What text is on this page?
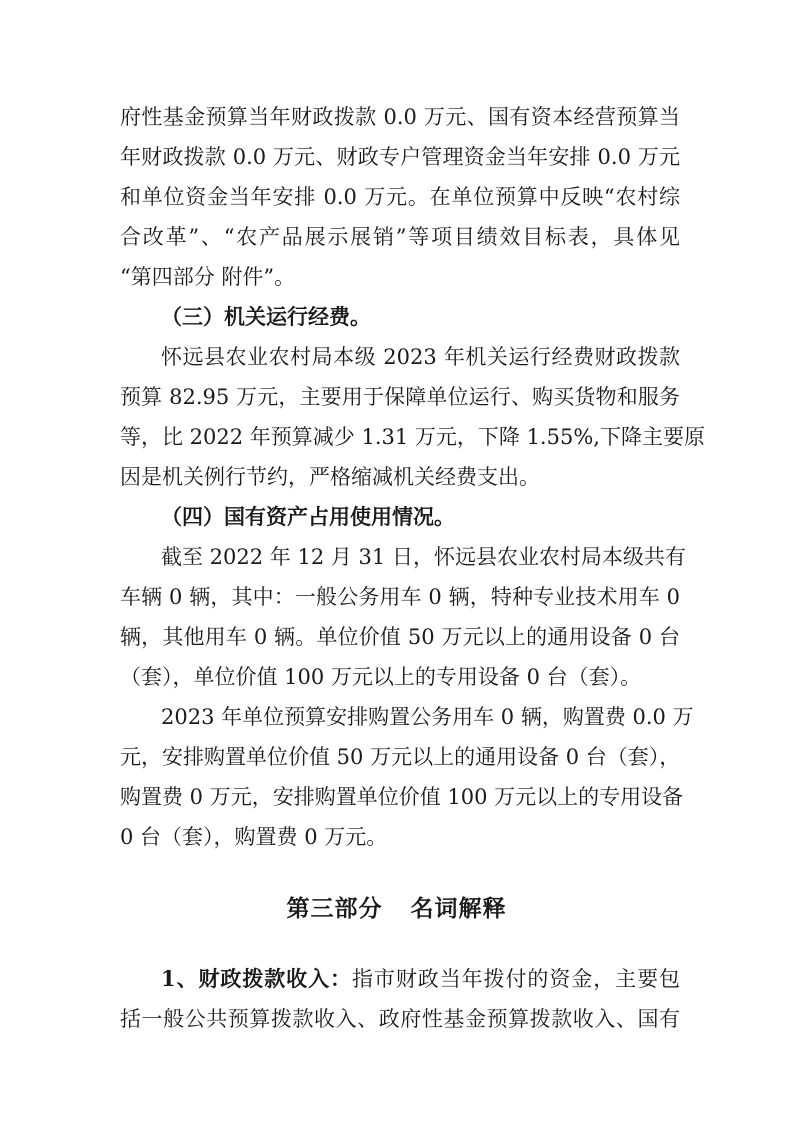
府性基金预算当年财政拨款 0.0 万元、国有资本经营预算当
年财政拨款 0.0 万元、财政专户管理资金当年安排 0.0 万元
和单位资金当年安排 0.0 万元。在单位预算中反映“农村综
合改革”、“农产品展示展销”等项目绩效目标表，具体见
“第四部分 附件”。
（三）机关运行经费。
怀远县农业农村局本级 2023 年机关运行经费财政拨款
预算 82.95 万元，主要用于保障单位运行、购买货物和服务
等，比 2022 年预算减少 1.31 万元，下降 1.55%,下降主要原
因是机关例行节约，严格缩减机关经费支出。
（四）国有资产占用使用情况。
截至 2022 年 12 月 31 日，怀远县农业农村局本级共有
车辆 0 辆，其中：一般公务用车 0 辆，特种专业技术用车 0
辆，其他用车 0 辆。单位价值 50 万元以上的通用设备 0 台
（套），单位价值 100 万元以上的专用设备 0 台（套）。
2023 年单位预算安排购置公务用车 0 辆，购置费 0.0 万
元，安排购置单位价值 50 万元以上的通用设备 0 台（套），
购置费 0 万元，安排购置单位价值 100 万元以上的专用设备
0 台（套），购置费 0 万元。
第三部分 名词解释
1、财政拨款收入：指市财政当年拨付的资金，主要包
括一般公共预算拨款收入、政府性基金预算拨款收入、国有
